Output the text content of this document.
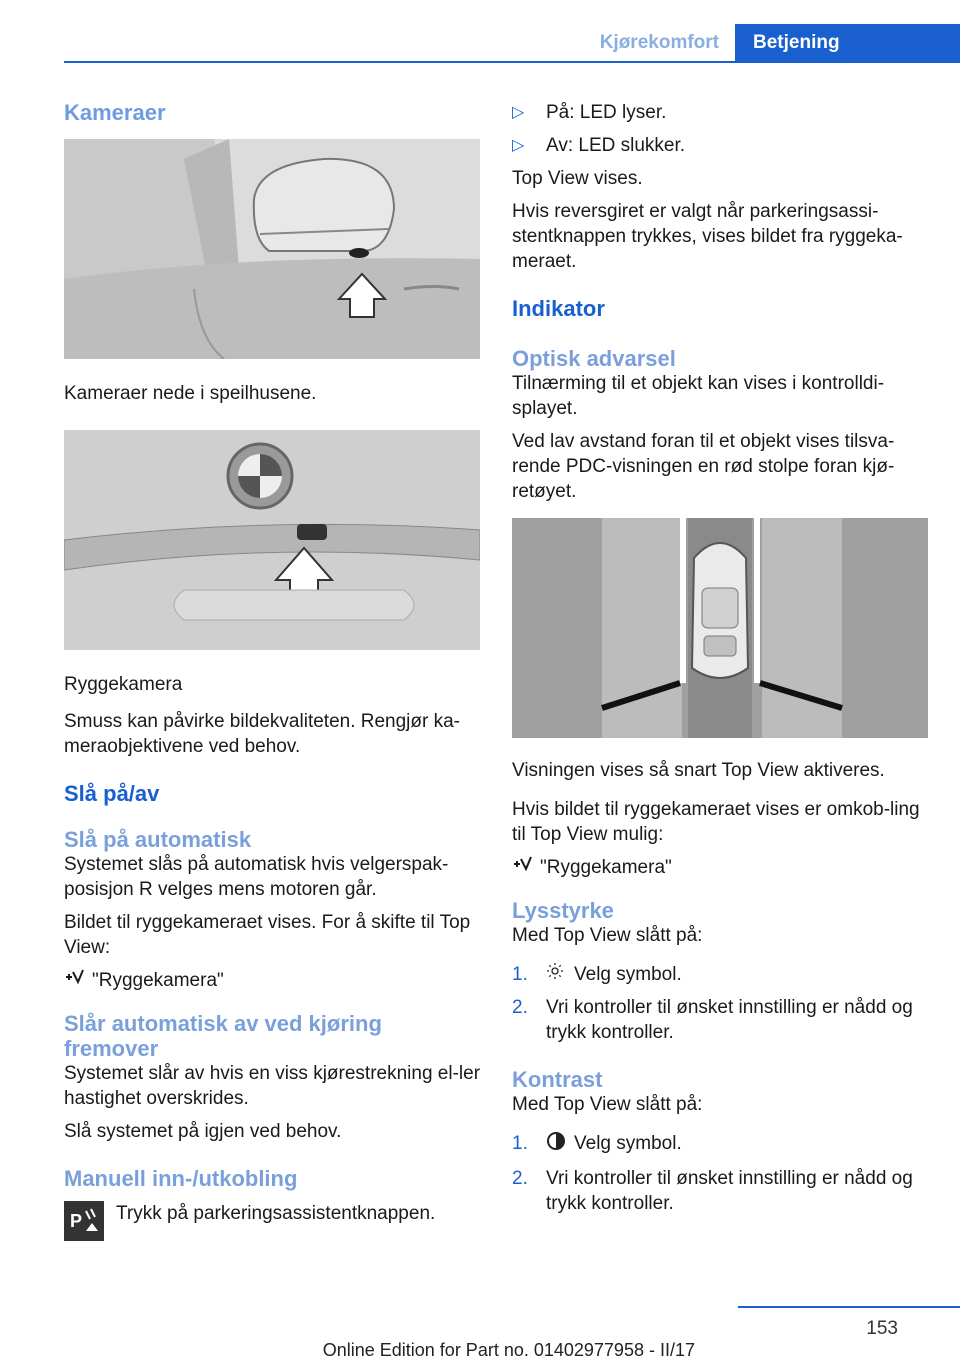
Kjørekomfort	Betjening
Kameraer

Kameraer nede i speilhusene.

Ryggekamera

Smuss kan påvirke bildekvaliteten. Rengjør ka-meraobjektivene ved behov.

Slå på/av
Slå på automatisk

Systemet slås på automatisk hvis velgerspak-posisjon R velges mens motoren går.

Bildet til ryggekameraet vises. For å skifte til Top View:

"Ryggekamera"

Slår automatisk av ved kjøring fremover

Systemet slår av hvis en viss kjørestrekning el-ler hastighet overskrides.

Slå systemet på igjen ved behov.

Manuell inn-/utkobling
P Trykk på parkeringsassistentknappen.
▷	På: LED lyser.
▷	Av: LED slukker.

Top View vises.

Hvis reversgiret er valgt når parkeringsassi-stentknappen trykkes, vises bildet fra ryggeka-meraet.

Indikator
Optisk advarsel

Tilnærming til et objekt kan vises i kontrolldi-splayet.

Ved lav avstand foran til et objekt vises tilsva-rende PDC-visningen en rød stolpe foran kjø-retøyet.

Visningen vises så snart Top View aktiveres.

Hvis bildet til ryggekameraet vises er omkob-ling til Top View mulig:

"Ryggekamera"

Lysstyrke

Med Top View slått på:

1.	Velg symbol.
2. Vri kontroller til ønsket innstilling er nådd og trykk kontroller.
Kontrast

Med Top View slått på:

1.	Velg symbol.
2. Vri kontroller til ønsket innstilling er nådd og trykk kontroller.
153
Online Edition for Part no. 01402977958 - II/17
